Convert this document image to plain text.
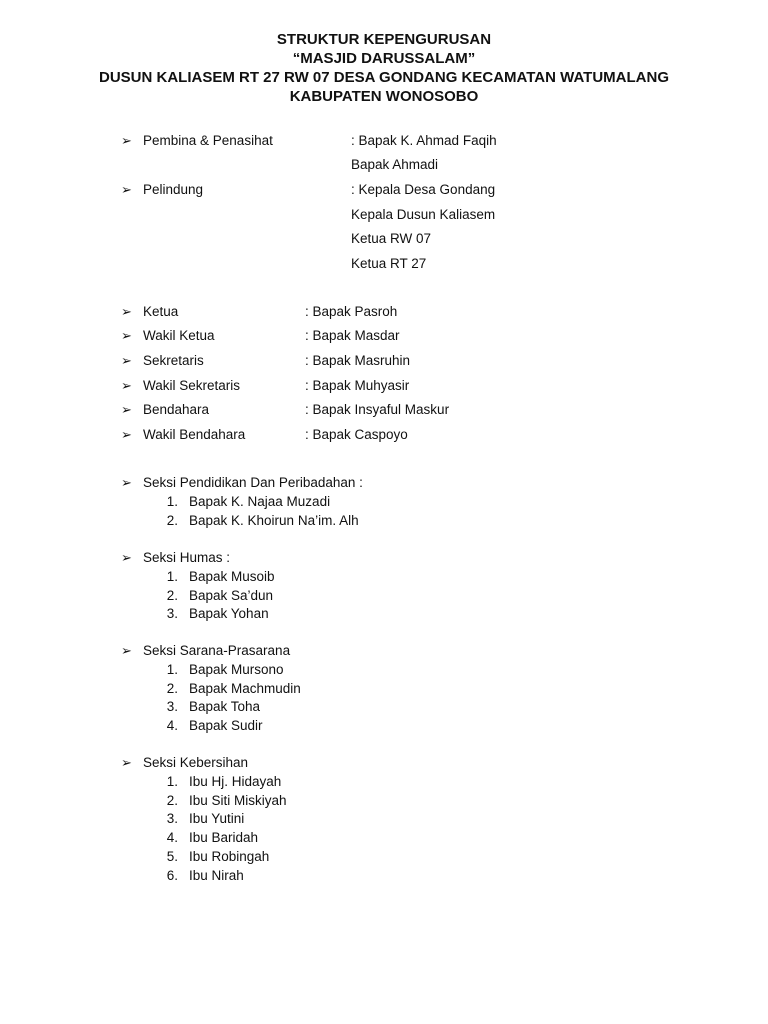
STRUKTUR KEPENGURUSAN
“MASJID DARUSSALAM”
DUSUN KALIASEM RT 27 RW 07 DESA GONDANG KECAMATAN WATUMALANG
KABUPATEN WONOSOBO
➢ Pembina & Penasihat	: Bapak K. Ahmad Faqih
Bapak Ahmadi
➢ Pelindung	: Kepala Desa Gondang
Kepala Dusun Kaliasem
Ketua RW 07
Ketua RT 27
➢ Ketua	: Bapak Pasroh
➢ Wakil Ketua	: Bapak Masdar
➢ Sekretaris	: Bapak Masruhin
➢ Wakil Sekretaris	: Bapak Muhyasir
➢ Bendahara	: Bapak Insyaful Maskur
➢ Wakil Bendahara	: Bapak Caspoyo
➢ Seksi Pendidikan Dan Peribadahan :
1. Bapak K. Najaa Muzadi
2. Bapak K. Khoirun Na’im. Alh
➢ Seksi Humas :
1. Bapak Musoib
2. Bapak Sa’dun
3. Bapak Yohan
➢ Seksi Sarana-Prasarana
1. Bapak Mursono
2. Bapak Machmudin
3. Bapak Toha
4. Bapak Sudir
➢ Seksi Kebersihan
1. Ibu Hj. Hidayah
2. Ibu Siti Miskiyah
3. Ibu Yutini
4. Ibu Baridah
5. Ibu Robingah
6. Ibu Nirah
